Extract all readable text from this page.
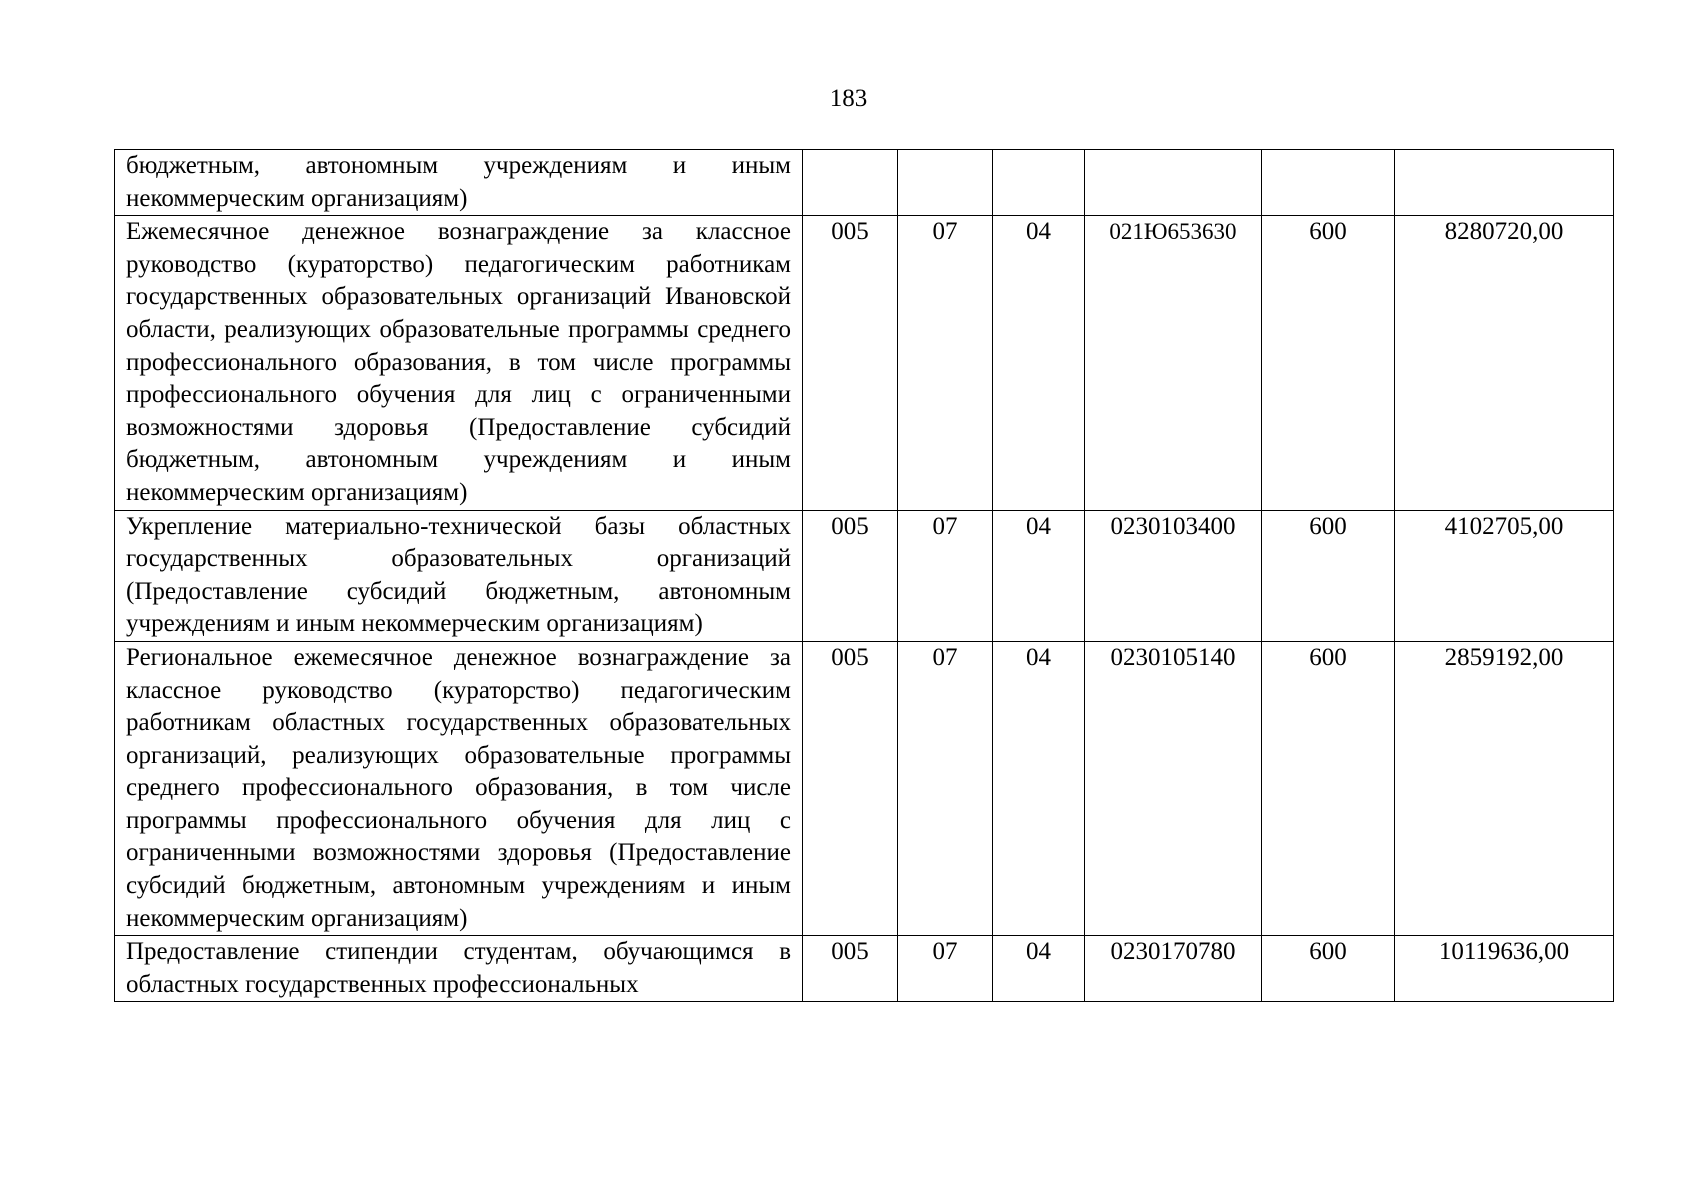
183
бюджетным, автономным учреждениям и иным некоммерческим организациям)						
Ежемесячное денежное вознаграждение за классное руководство (кураторство) педагогическим работникам государственных образовательных организаций Ивановской области, реализующих образовательные программы среднего профессионального образования, в том числе программы профессионального обучения для лиц с ограниченными возможностями здоровья (Предоставление субсидий бюджетным, автономным учреждениям и иным некоммерческим организациям)	005	07	04	021Ю653630	600	8280720,00
Укрепление материально-технической базы областных государственных образовательных организаций (Предоставление субсидий бюджетным, автономным учреждениям и иным некоммерческим организациям)	005	07	04	0230103400	600	4102705,00
Региональное ежемесячное денежное вознаграждение за классное руководство (кураторство) педагогическим работникам областных государственных образовательных организаций, реализующих образовательные программы среднего профессионального образования, в том числе программы профессионального обучения для лиц с ограниченными возможностями здоровья (Предоставление субсидий бюджетным, автономным учреждениям и иным некоммерческим организациям)	005	07	04	0230105140	600	2859192,00
Предоставление стипендии студентам, обучающимся в областных государственных профессиональных	005	07	04	0230170780	600	10119636,00
